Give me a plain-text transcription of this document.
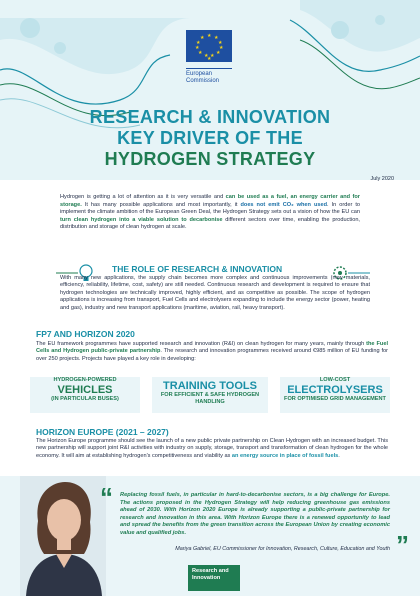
★ ★
★
★
★
★
★
★
★
★
★
★
European
Commission
RESEARCH & INNOVATION
KEY DRIVER OF THE
HYDROGEN STRATEGY
July 2020
Hydrogen is getting a lot of attention as it is very versatile and can be used as a fuel, an energy carrier and for storage. It has many possible applications and most importantly, it does not emit CO₂ when used. In order to implement the climate ambition of the European Green Deal, the Hydrogen Strategy sets out a vision of how the EU can turn clean hydrogen into a viable solution to decarbonise different sectors over time, enabling the production, distribution and storage of clean hydrogen at scale.
THE ROLE OF RESEARCH & INNOVATION
With many new applications, the supply chain becomes more complex and continuous improvements (new materials, efficiency, reliability, lifetime, cost, safety) are still needed. Continuous research and development is required to ensure that hydrogen technologies are technically improved, highly efficient, and as competitive as possible. The scope of hydrogen applications is increasing from transport, Fuel Cells and electrolysers expanding to include the energy sector (power, heating and gas), industry and new transport applications (maritime, aviation, rail, heavy transport).
FP7 AND HORIZON 2020
The EU framework programmes have supported research and innovation (R&I) on clean hydrogen for many years, mainly through the Fuel Cells and Hydrogen public-private partnership. The research and innovation programmes received around €985 million of EU funding for over 250 projects. Projects have played a key role in developing:
HYDROGEN-POWERED
VEHICLES
(IN PARTICULAR BUSES)
TRAINING TOOLS
FOR EFFICIENT & SAFE HYDROGEN HANDLING
LOW-COST
ELECTROLYSERS
FOR OPTIMISED GRID MANAGEMENT
HORIZON EUROPE (2021 – 2027)
The Horizon Europe programme should see the launch of a new public private partnership on Clean Hydrogen with an increased budget. This new partnership will support joint R&I activities with industry on supply, storage, transport and transformation of clean hydrogen for the whole economy. It will aim at establishing hydrogen's competitiveness and viability as an energy source in place of fossil fuels.
“ Replacing fossil fuels, in particular in hard-to-decarbonise sectors, is a big challenge for Europe. The actions proposed in the Hydrogen Strategy will help reducing greenhouse gas emissions ahead of 2030. With Horizon 2020 Europe is already supporting a public-private partnership for research and innovation in this area. With Horizon Europe there is a renewed opportunity to lead and spread the benefits from the green transition across the European Union by creating economic value and qualified jobs.	”
Mariya Gabriel, EU Commissioner for Innovation, Research, Culture, Education and Youth
Research and
Innovation
